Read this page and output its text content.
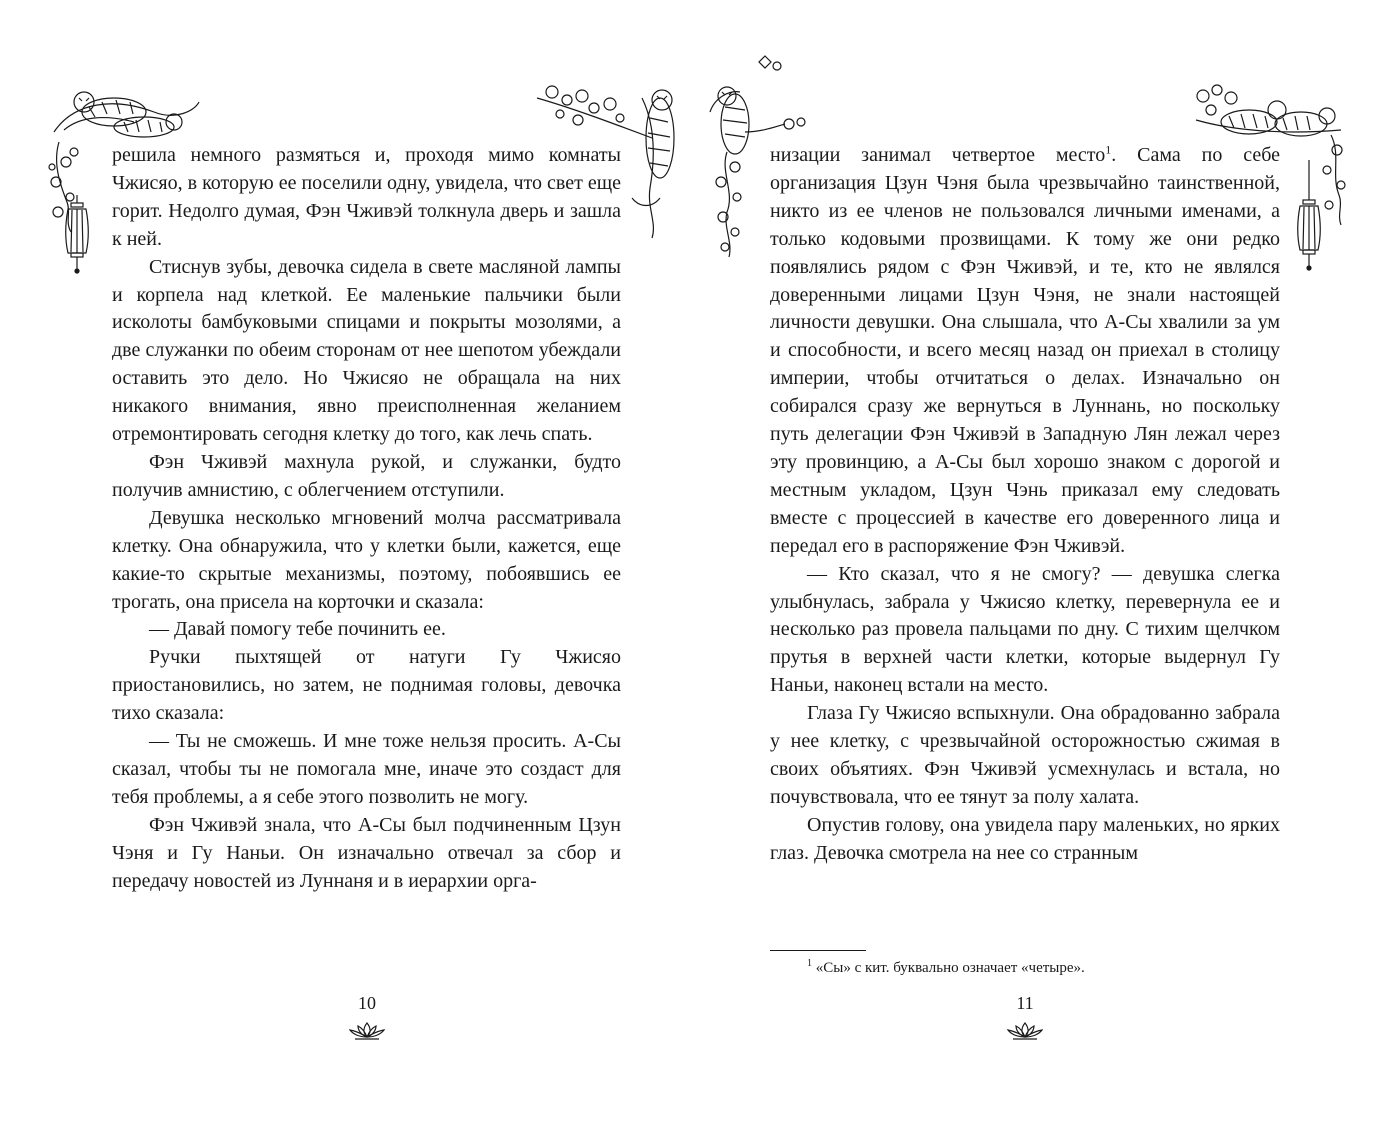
решила немного размяться и, проходя мимо комнаты Чжисяо, в которую ее поселили одну, увидела, что свет еще горит. Недолго думая, Фэн Чживэй толкнула дверь и зашла к ней.

Стиснув зубы, девочка сидела в свете масляной лампы и корпела над клеткой. Ее маленькие пальчики были исколоты бамбуковыми спицами и покрыты мозолями, а две служанки по обеим сторонам от нее шепотом убеждали оставить это дело. Но Чжисяо не обращала на них никакого внимания, явно преисполненная желанием отремонтировать сегодня клетку до того, как лечь спать.

Фэн Чживэй махнула рукой, и служанки, будто получив амнистию, с облегчением отступили.

Девушка несколько мгновений молча рассматривала клетку. Она обнаружила, что у клетки были, кажется, еще какие-то скрытые механизмы, поэтому, побоявшись ее трогать, она присела на корточки и сказала:

— Давай помогу тебе починить ее.

Ручки пыхтящей от натуги Гу Чжисяо приостановились, но затем, не поднимая головы, девочка тихо сказала:

— Ты не сможешь. И мне тоже нельзя просить. А-Сы сказал, чтобы ты не помогала мне, иначе это создаст для тебя проблемы, а я себе этого позволить не могу.

Фэн Чживэй знала, что А-Сы был подчиненным Цзун Чэня и Гу Наньи. Он изначально отвечал за сбор и передачу новостей из Луннаня и в иерархии орга-

10

низации занимал четвертое место$^1$. Сама по себе организация Цзун Чэня была чрезвычайно таинственной, никто из ее членов не пользовался личными именами, а только кодовыми прозвищами. К тому же они редко появлялись рядом с Фэн Чживэй, и те, кто не являлся доверенными лицами Цзун Чэня, не знали настоящей личности девушки. Она слышала, что А-Сы хвалили за ум и способности, и всего месяц назад он приехал в столицу империи, чтобы отчитаться о делах. Изначально он собирался сразу же вернуться в Луннань, но поскольку путь делегации Фэн Чживэй в Западную Лян лежал через эту провинцию, а А-Сы был хорошо знаком с дорогой и местным укладом, Цзун Чэнь приказал ему следовать вместе с процессией в качестве его доверенного лица и передал его в распоряжение Фэн Чживэй.

— Кто сказал, что я не смогу? — девушка слегка улыбнулась, забрала у Чжисяо клетку, перевернула ее и несколько раз провела пальцами по дну. С тихим щелчком прутья в верхней части клетки, которые выдернул Гу Наньи, наконец встали на место.

Глаза Гу Чжисяо вспыхнули. Она обрадованно забрала у нее клетку, с чрезвычайной осторожностью сжимая в своих объятиях. Фэн Чживэй усмехнулась и встала, но почувствовала, что ее тянут за полу халата.

Опустив голову, она увидела пару маленьких, но ярких глаз. Девочка смотрела на нее со странным

$^1$ «Сы» с кит. буквально означает «четыре».
11
